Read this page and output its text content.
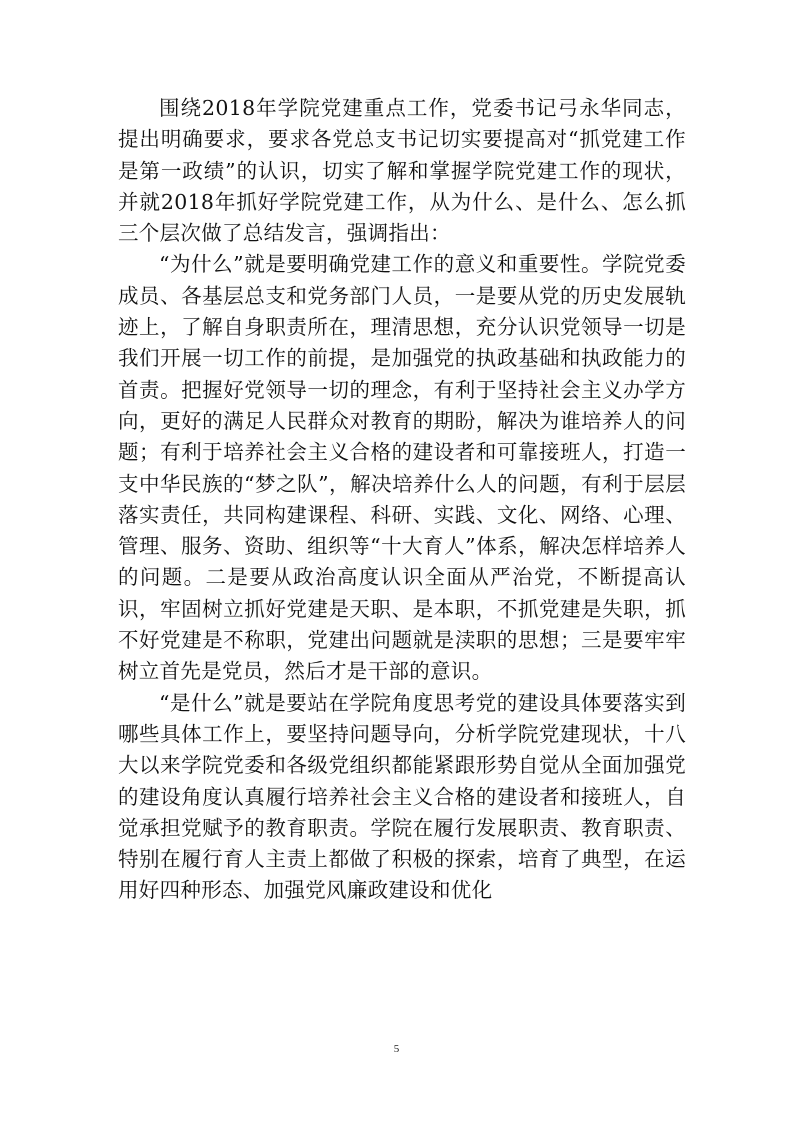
围绕2018年学院党建重点工作，党委书记弓永华同志，提出明确要求，要求各党总支书记切实要提高对“抓党建工作是第一政绩”的认识，切实了解和掌握学院党建工作的现状，并就2018年抓好学院党建工作，从为什么、是什么、怎么抓三个层次做了总结发言，强调指出：

“为什么”就是要明确党建工作的意义和重要性。学院党委成员、各基层总支和党务部门人员，一是要从党的历史发展轨迹上，了解自身职责所在，理清思想，充分认识党领导一切是我们开展一切工作的前提，是加强党的执政基础和执政能力的首责。把握好党领导一切的理念，有利于坚持社会主义办学方向，更好的满足人民群众对教育的期盼，解决为谁培养人的问题；有利于培养社会主义合格的建设者和可靠接班人，打造一支中华民族的“梦之队”，解决培养什么人的问题，有利于层层落实责任，共同构建课程、科研、实践、文化、网络、心理、管理、服务、资助、组织等“十大育人”体系，解决怎样培养人的问题。二是要从政治高度认识全面从严治党，不断提高认识，牢固树立抓好党建是天职、是本职，不抓党建是失职，抓不好党建是不称职，党建出问题就是渎职的思想；三是要牢牢树立首先是党员，然后才是干部的意识。

“是什么”就是要站在学院角度思考党的建设具体要落实到哪些具体工作上，要坚持问题导向，分析学院党建现状，十八大以来学院党委和各级党组织都能紧跟形势自觉从全面加强党的建设角度认真履行培养社会主义合格的建设者和接班人，自觉承担党赋予的教育职责。学院在履行发展职责、教育职责、特别在履行育人主责上都做了积极的探索，培育了典型，在运用好四种形态、加强党风廉政建设和优化

5
